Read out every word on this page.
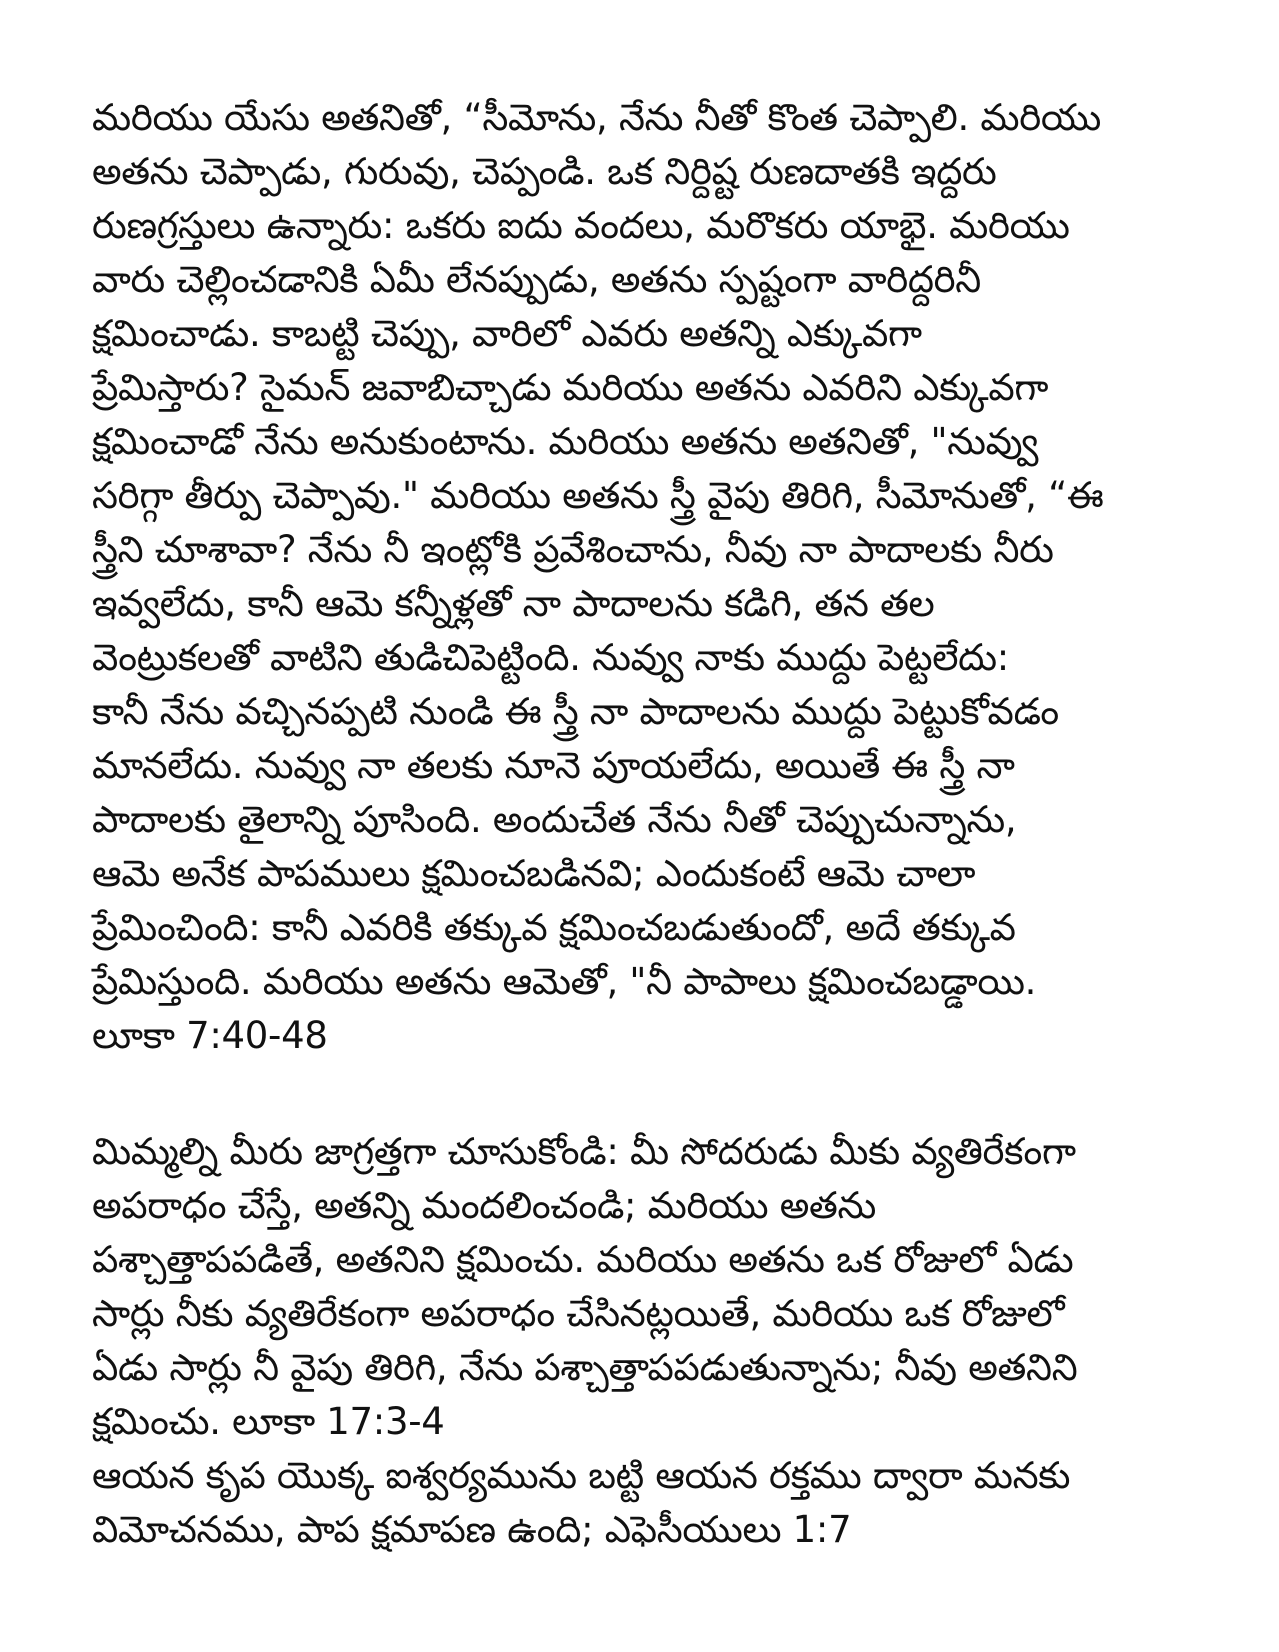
మరియు యేసు అతనితో, “సీమోను, నేను నీతో కొంత చెప్పాలి. మరియు
అతను చెప్పాడు, గురువు, చెప్పండి. ఒక నిర్దిష్ట రుణదాతకి ఇద్దరు
రుణగ్రస్తులు ఉన్నారు: ఒకరు ఐదు వందలు, మరొకరు యాభై. మరియు
వారు చెల్లించడానికి ఏమీ లేనప్పుడు, అతను స్పష్టంగా వారిద్దరినీ
క్షమించాడు. కాబట్టి చెప్పు, వారిలో ఎవరు అతన్ని ఎక్కువగా
ప్రేమిస్తారు? సైమన్ జవాబిచ్చాడు మరియు అతను ఎవరిని ఎక్కువగా
క్షమించాడో నేను అనుకుంటాను. మరియు అతను అతనితో, "నువ్వు
సరిగ్గా తీర్పు చెప్పావు." మరియు అతను స్త్రీ వైపు తిరిగి, సీమోనుతో, “ఈ
స్త్రీని చూశావా? నేను నీ ఇంట్లోకి ప్రవేశించాను, నీవు నా పాదాలకు నీరు
ఇవ్వలేదు, కానీ ఆమె కన్నీళ్లతో నా పాదాలను కడిగి, తన తల
వెంట్రుకలతో వాటిని తుడిచిపెట్టింది. నువ్వు నాకు ముద్దు పెట్టలేదు:
కానీ నేను వచ్చినప్పటి నుండి ఈ స్త్రీ నా పాదాలను ముద్దు పెట్టుకోవడం
మానలేదు. నువ్వు నా తలకు నూనె పూయలేదు, అయితే ఈ స్త్రీ నా
పాదాలకు తైలాన్ని పూసింది. అందుచేత నేను నీతో చెప్పుచున్నాను,
ఆమె అనేక పాపములు క్షమించబడినవి; ఎందుకంటే ఆమె చాలా
ప్రేమించింది: కానీ ఎవరికి తక్కువ క్షమించబడుతుందో, అదే తక్కువ
ప్రేమిస్తుంది. మరియు అతను ఆమెతో, "నీ పాపాలు క్షమించబడ్డాయి.
లూకా 7:40-48
మిమ్మల్ని మీరు జాగ్రత్తగా చూసుకోండి: మీ సోదరుడు మీకు వ్యతిరేకంగా
అపరాధం చేస్తే, అతన్ని మందలించండి; మరియు అతను
పశ్చాత్తాపపడితే, అతనిని క్షమించు. మరియు అతను ఒక రోజులో ఏడు
సార్లు నీకు వ్యతిరేకంగా అపరాధం చేసినట్లయితే, మరియు ఒక రోజులో
ఏడు సార్లు నీ వైపు తిరిగి, నేను పశ్చాత్తాపపడుతున్నాను; నీవు అతనిని
క్షమించు. లూకా 17:3-4
ఆయన కృప యొక్క ఐశ్వర్యమును బట్టి ఆయన రక్తము ద్వారా మనకు
విమోచనము, పాప క్షమాపణ ఉంది; ఎఫెసీయులు 1:7
